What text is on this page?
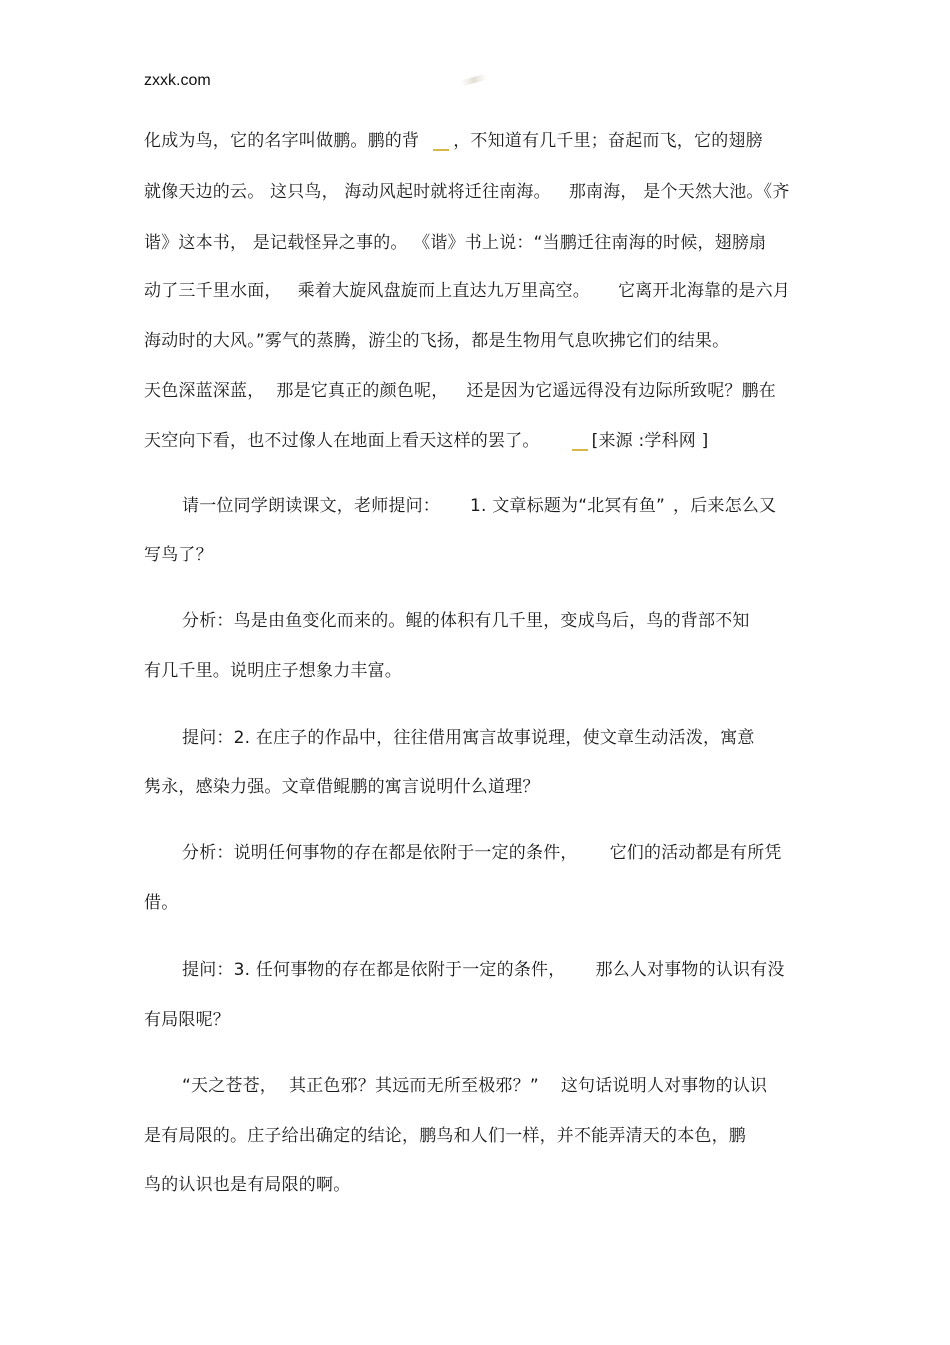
zxxk.com
化成为鸟，它的名字叫做鹏。鹏的背 ，不知道有几千里；奋起而飞，它的翅膀
就像天边的云。 这只鸟， 海动风起时就将迁往南海。 那南海， 是个天然大池。《齐
谐》这本书， 是记载怪异之事的。 《谐》书上说：“当鹏迁往南海的时候，翅膀扇
动了三千里水面， 乘着大旋风盘旋而上直达九万里高空。 它离开北海靠的是六月
海动时的大风。”雾气的蒸腾，游尘的飞扬，都是生物用气息吹拂它们的结果。
天色深蓝深蓝， 那是它真正的颜色呢， 还是因为它遥远得没有边际所致呢？鹏在
天空向下看，也不过像人在地面上看天这样的罢了。	[来源 :学科网 ]
请一位同学朗读课文，老师提问： 1. 文章标题为“北冥有鱼” ，后来怎么又
写鸟了？
分析：鸟是由鱼变化而来的。鲲的体积有几千里，变成鸟后，鸟的背部不知
有几千里。说明庄子想象力丰富。
提问：2. 在庄子的作品中，往往借用寓言故事说理，使文章生动活泼，寓意
隽永，感染力强。文章借鲲鹏的寓言说明什么道理？
分析：说明任何事物的存在都是依附于一定的条件， 它们的活动都是有所凭
借。
提问：3. 任何事物的存在都是依附于一定的条件， 那么人对事物的认识有没
有局限呢？
“天之苍苍， 其正色邪？其远而无所至极邪？” 这句话说明人对事物的认识
是有局限的。庄子给出确定的结论，鹏鸟和人们一样，并不能弄清天的本色，鹏
鸟的认识也是有局限的啊。
